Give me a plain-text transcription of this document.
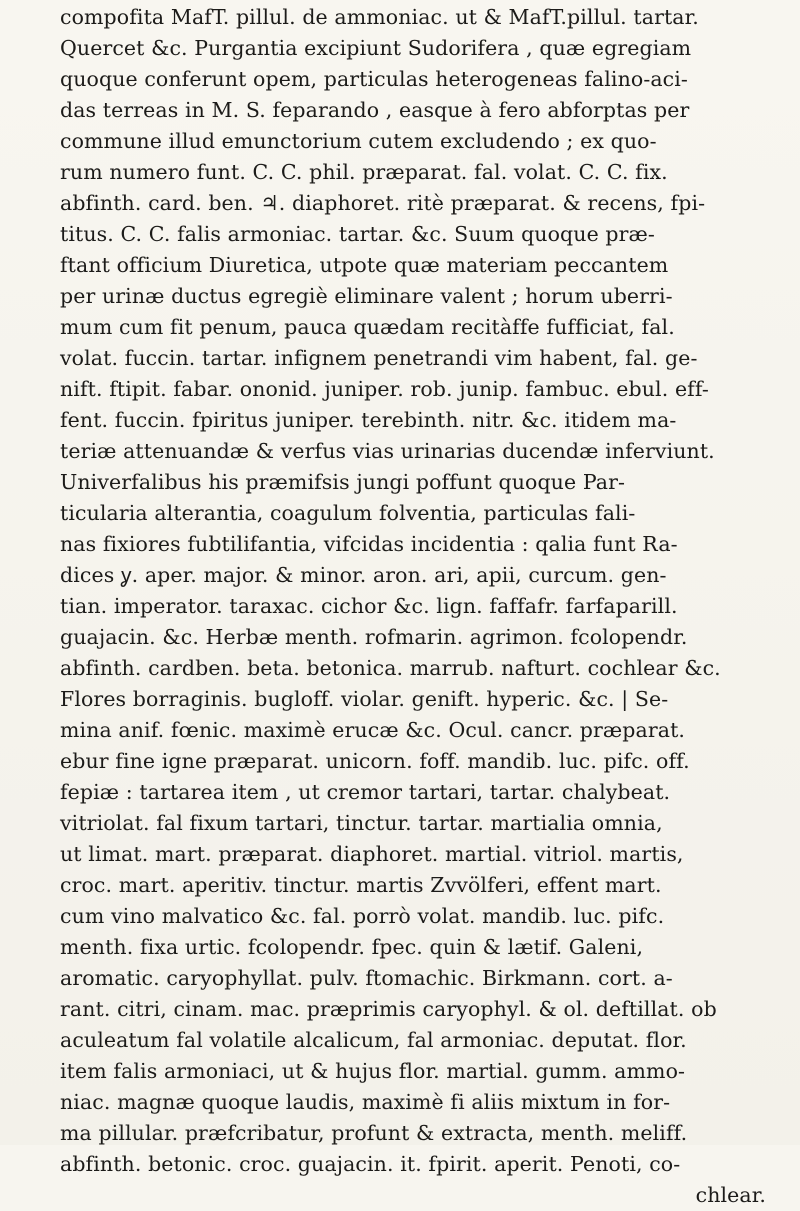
compofita MafT. pillul. de ammoniac. ut & MafT.pillul. tartar.
Quercet &c. Purgantia excipiunt Sudorifera , quæ egregiam
quoque conferunt opem, particulas heterogeneas falino-aci-
das terreas in M. S. feparando , easque à fero abforptas per
commune illud emunctorium cutem excludendo ; ex quo-
rum numero funt. C. C. phil. præparat. fal. volat. C. C. fix.
abfinth. card. ben. ♃. diaphoret. ritè præparat. & recens, fpi-
titus. C. C. falis armoniac. tartar. &c. Suum quoque præ-
ftant officium Diuretica, utpote quæ materiam peccantem
per urinæ ductus egregiè eliminare valent ; horum uberri-
mum cum fit penum, pauca quædam recitàffe fufficiat, fal.
volat. fuccin. tartar. infignem penetrandi vim habent, fal. ge-
nift. ftipit. fabar. ononid. juniper. rob. junip. fambuc. ebul. eff-
fent. fuccin. fpiritus juniper. terebinth. nitr. &c. itidem ma-
teriæ attenuandæ & verfus vias urinarias ducendæ inferviunt.
Univerfalibus his præmifsis jungi poffunt quoque Par-
ticularia alterantia, coagulum folventia, particulas fali-
nas fixiores fubtilifantia, vifcidas incidentia : qalia funt Ra-
dices ỿ. aper. major. & minor. aron. ari, apii, curcum. gen-
tian. imperator. taraxac. cichor &c. lign. faffafr. farfaparill.
guajacin. &c. Herbæ menth. rofmarin. agrimon. fcolopendr.
abfinth. cardben. beta. betonica. marrub. nafturt. cochlear &c.
Flores borraginis. bugloff. violar. genift. hyperic. &c. | Se-
mina anif. fœnic. maximè erucæ &c. Ocul. cancr. præparat.
ebur fine igne præparat. unicorn. foff. mandib. luc. pifc. off.
fepiæ : tartarea item , ut cremor tartari, tartar. chalybeat.
vitriolat. fal fixum tartari, tinctur. tartar. martialia omnia,
ut limat. mart. præparat. diaphoret. martial. vitriol. martis,
croc. mart. aperitiv. tinctur. martis Zvvölferi, effent mart.
cum vino malvatico &c. fal. porrò volat. mandib. luc. pifc.
menth. fixa urtic. fcolopendr. fpec. quin & lætif. Galeni,
aromatic. caryophyllat. pulv. ftomachic. Birkmann. cort. a-
rant. citri, cinam. mac. præprimis caryophyl. & ol. deftillat. ob
aculeatum fal volatile alcalicum, fal armoniac. deputat. flor.
item falis armoniaci, ut & hujus flor. martial. gumm. ammo-
niac. magnæ quoque laudis, maximè fi aliis mixtum in for-
ma pillular. præfcribatur, profunt & extracta, menth. meliff.
abfinth. betonic. croc. guajacin. it. fpirit. aperit. Penoti, co-
chlear.
